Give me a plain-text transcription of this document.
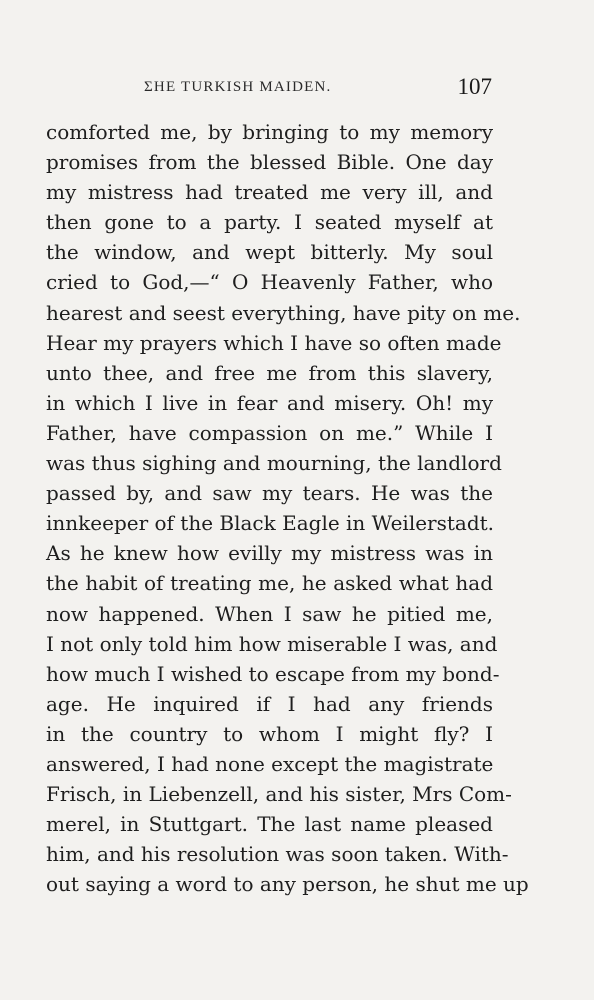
ΣHE TURKISH MAIDEN.	107
comforted me, by bringing to my memory
promises from the blessed Bible. One day
my mistress had treated me very ill, and
then gone to a party. I seated myself at
the window, and wept bitterly. My soul
cried to God,—“ O Heavenly Father, who
hearest and seest everything, have pity on me.
Hear my prayers which I have so often made
unto thee, and free me from this slavery,
in which I live in fear and misery. Oh! my
Father, have compassion on me.” While I
was thus sighing and mourning, the landlord
passed by, and saw my tears. He was the
innkeeper of the Black Eagle in Weilerstadt.
As he knew how evilly my mistress was in
the habit of treating me, he asked what had
now happened. When I saw he pitied me,
I not only told him how miserable I was, and
how much I wished to escape from my bond-
age. He inquired if I had any friends
in the country to whom I might fly? I
answered, I had none except the magistrate
Frisch, in Liebenzell, and his sister, Mrs Com-
merel, in Stuttgart. The last name pleased
him, and his resolution was soon taken. With-
out saying a word to any person, he shut me up
